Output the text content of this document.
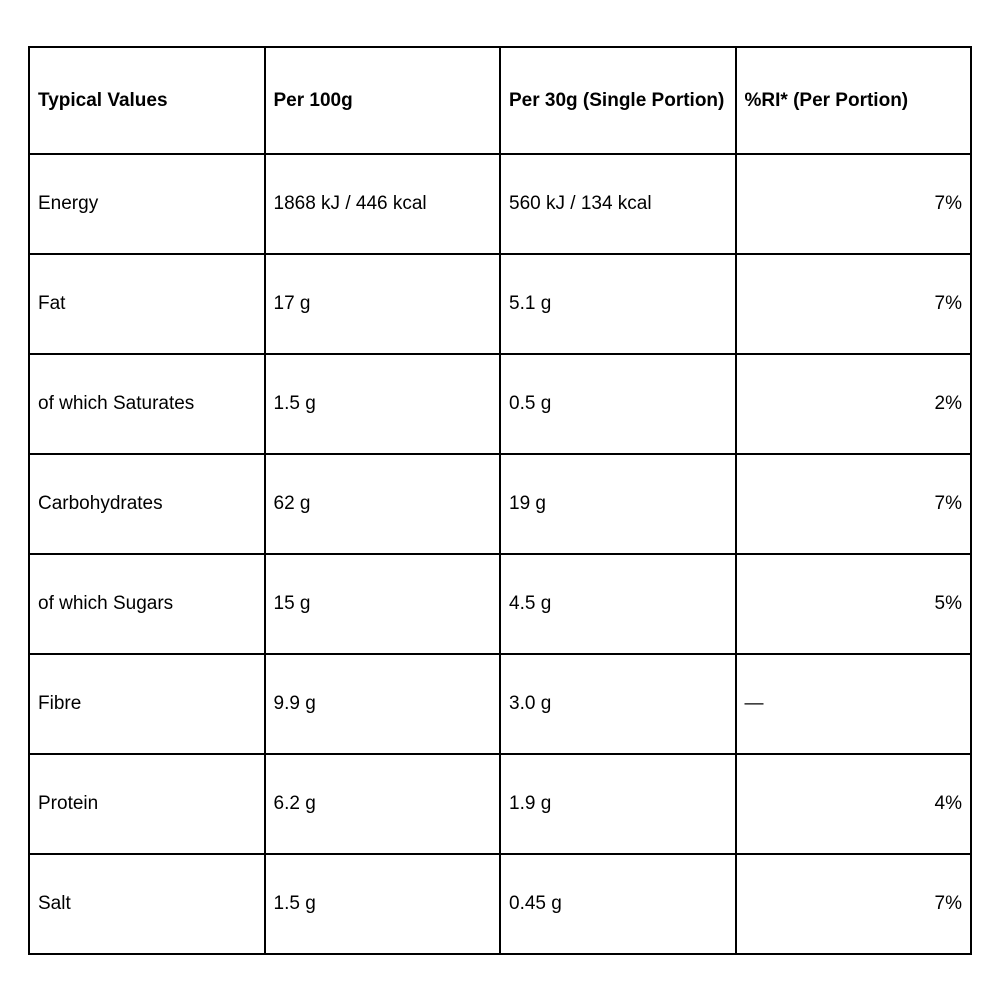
Typical Values	Per 100g	Per 30g (Single Portion)	%RI* (Per Portion)
Energy	1868 kJ / 446 kcal	560 kJ / 134 kcal	7%
Fat	17 g	5.1 g	7%
of which Saturates	1.5 g	0.5 g	2%
Carbohydrates	62 g	19 g	7%
of which Sugars	15 g	4.5 g	5%
Fibre	9.9 g	3.0 g	—
Protein	6.2 g	1.9 g	4%
Salt	1.5 g	0.45 g	7%
